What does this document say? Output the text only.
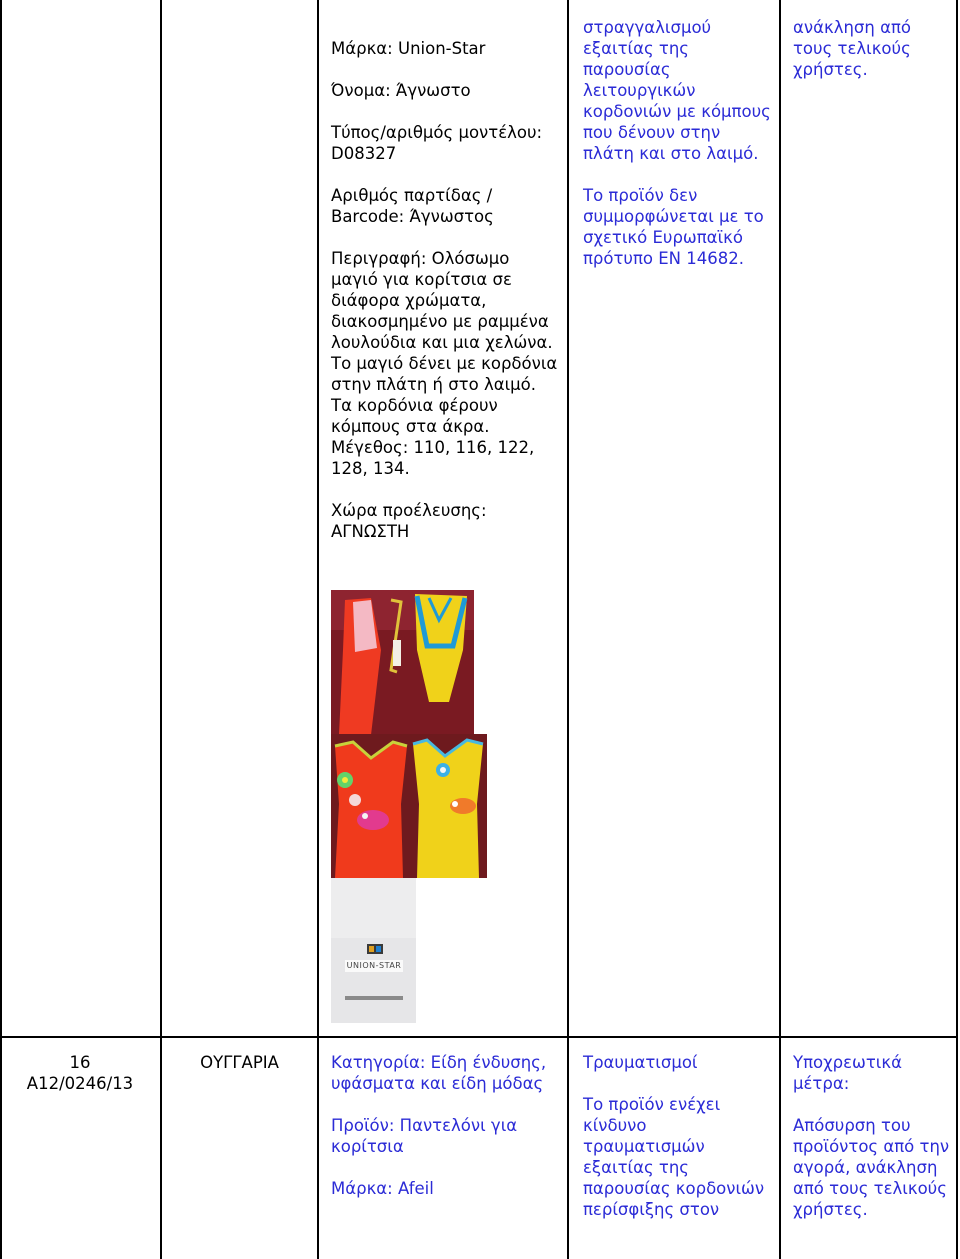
Μάρκα: Union-Star

Όνομα: Άγνωστο

Τύπος/αριθμός μοντέλου: D08327

Αριθμός παρτίδας / Barcode: Άγνωστος

Περιγραφή: Ολόσωμο μαγιό για κορίτσια σε διάφορα χρώματα, διακοσμημένο με ραμμένα λουλούδια και μια χελώνα. Το μαγιό δένει με κορδόνια στην πλάτη ή στο λαιμό. Τα κορδόνια φέρουν κόμπους στα άκρα. Μέγεθος: 110, 116, 122, 128, 134.

Χώρα προέλευσης: ΑΓΝΩΣΤΗ

UNION-STAR

στραγγαλισμού εξαιτίας της παρουσίας λειτουργικών κορδονιών με κόμπους που δένουν στην πλάτη και στο λαιμό.

Το προϊόν δεν συμμορφώνεται με το σχετικό Ευρωπαϊκό πρότυπο EN 14682.

ανάκληση από τους τελικούς χρήστες.

16
A12/0246/13
ΟΥΓΓΑΡΙΑ	Κατηγορία: Είδη ένδυσης, υφάσματα και είδη μόδας

Προϊόν: Παντελόνι για κορίτσια

Μάρκα: Afeil

Τραυματισμοί

Το προϊόν ενέχει κίνδυνο τραυματισμών εξαιτίας της παρουσίας κορδονιών περίσφιξης στον

Υποχρεωτικά μέτρα:

Απόσυρση του προϊόντος από την αγορά, ανάκληση από τους τελικούς χρήστες.
